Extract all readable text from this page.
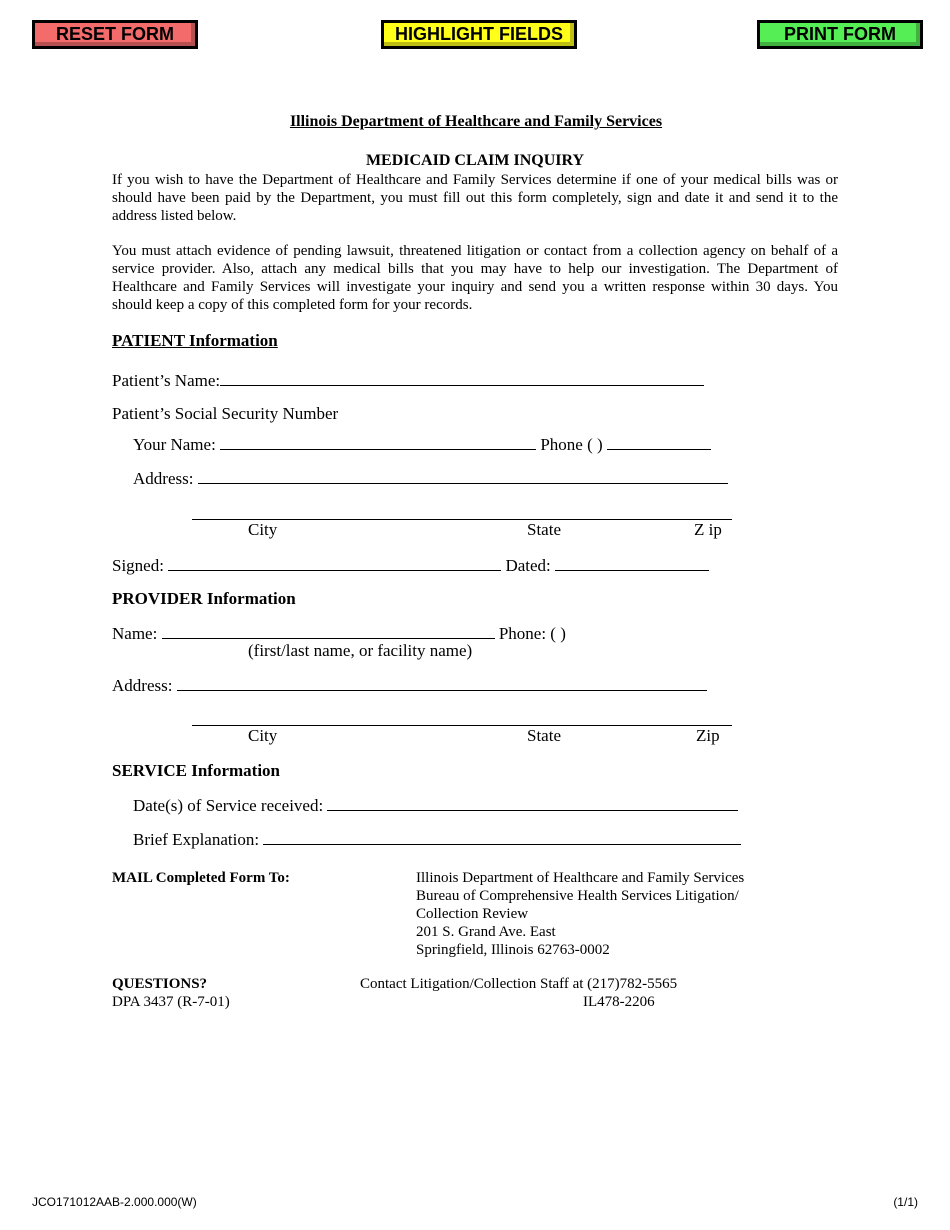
RESET FORM	HIGHLIGHT FIELDS	PRINT FORM
Illinois Department of Healthcare and Family Services
MEDICAID CLAIM INQUIRY
If you wish to have the Department of Healthcare and Family Services determine if one of your medical bills was or should have been paid by the Department, you must fill out this form completely, sign and date it and send it to the address listed below.
You must attach evidence of pending lawsuit, threatened litigation or contact from a collection agency on behalf of a service provider. Also, attach any medical bills that you may have to help our investigation. The Department of Healthcare and Family Services will investigate your inquiry and send you a written response within 30 days. You should keep a copy of this completed form for your records.
PATIENT Information
Patient’s Name:
Patient’s Social Security Number
Your Name:	Phone ( )
Address:
City	State	Z ip
Signed:	Dated:
PROVIDER Information
Name:	Phone: ( )
(first/last name, or facility name)
Address:
City	State	Zip
SERVICE Information
Date(s) of Service received:
Brief Explanation:
MAIL Completed Form To:	Illinois Department of Healthcare and Family Services
Bureau of Comprehensive Health Services Litigation/
Collection Review
201 S. Grand Ave. East
Springfield, Illinois 62763-0002
QUESTIONS?	Contact Litigation/Collection Staff at (217)782-5565
DPA 3437 (R-7-01)	IL478-2206
JCO171012AAB-2.000.000(W)	(1/1)
